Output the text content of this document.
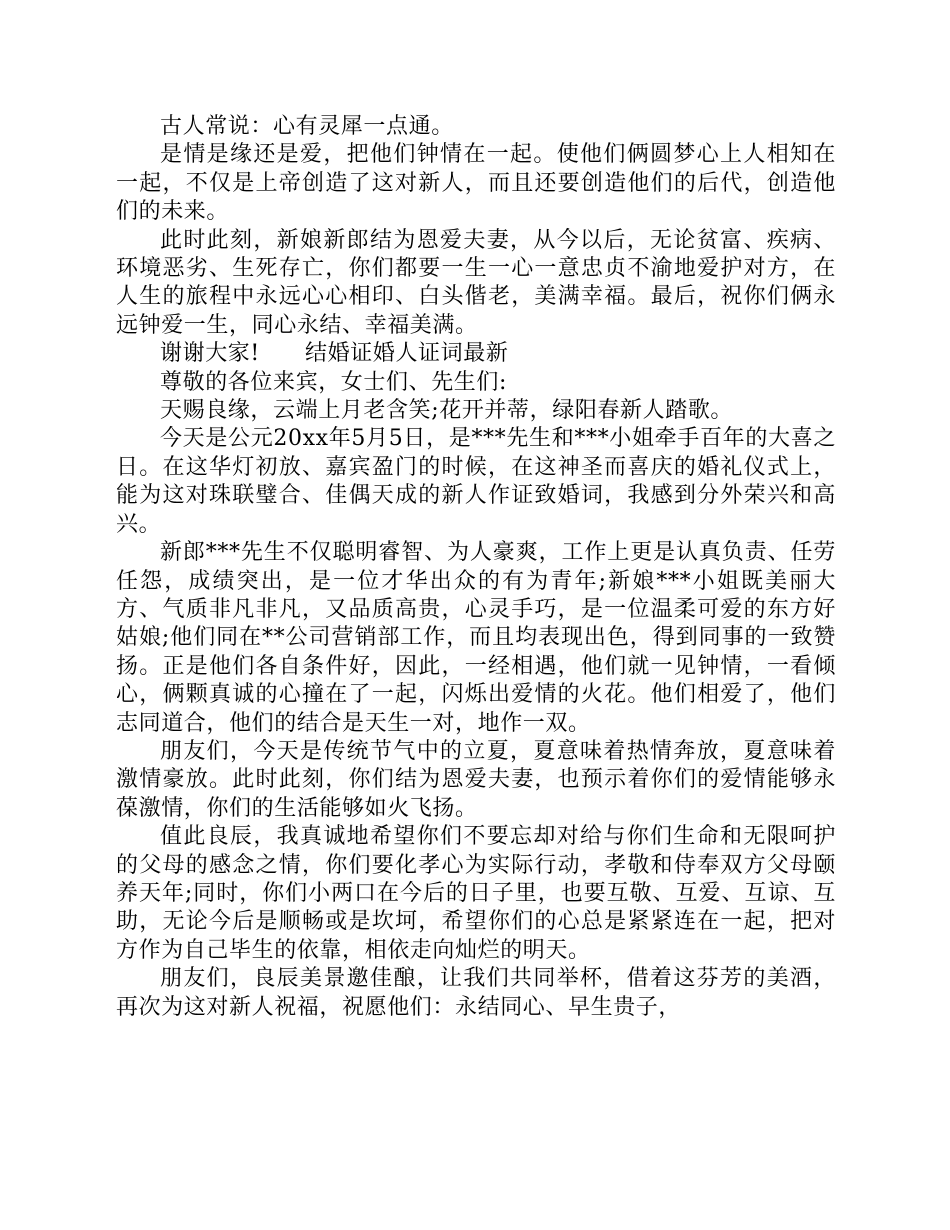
古人常说：心有灵犀一点通。

是情是缘还是爱，把他们钟情在一起。使他们俩圆梦心上人相知在一起，不仅是上帝创造了这对新人，而且还要创造他们的后代，创造他们的未来。

此时此刻，新娘新郎结为恩爱夫妻，从今以后，无论贫富、疾病、环境恶劣、生死存亡，你们都要一生一心一意忠贞不渝地爱护对方，在人生的旅程中永远心心相印、白头偕老，美满幸福。最后，祝你们俩永远钟爱一生，同心永结、幸福美满。

谢谢大家!　　结婚证婚人证词最新

尊敬的各位来宾，女士们、先生们:

天赐良缘，云端上月老含笑;花开并蒂，绿阳春新人踏歌。

今天是公元20xx年5月5日，是***先生和***小姐牵手百年的大喜之日。在这华灯初放、嘉宾盈门的时候，在这神圣而喜庆的婚礼仪式上，能为这对珠联璧合、佳偶天成的新人作证致婚词，我感到分外荣兴和高兴。

新郎***先生不仅聪明睿智、为人豪爽，工作上更是认真负责、任劳任怨，成绩突出，是一位才华出众的有为青年;新娘***小姐既美丽大方、气质非凡非凡，又品质高贵，心灵手巧，是一位温柔可爱的东方好姑娘;他们同在**公司营销部工作，而且均表现出色，得到同事的一致赞扬。正是他们各自条件好，因此，一经相遇，他们就一见钟情，一看倾心，俩颗真诚的心撞在了一起，闪烁出爱情的火花。他们相爱了，他们志同道合，他们的结合是天生一对，地作一双。

朋友们，今天是传统节气中的立夏，夏意味着热情奔放，夏意味着激情豪放。此时此刻，你们结为恩爱夫妻，也预示着你们的爱情能够永葆激情，你们的生活能够如火飞扬。

值此良辰，我真诚地希望你们不要忘却对给与你们生命和无限呵护的父母的感念之情，你们要化孝心为实际行动，孝敬和侍奉双方父母颐养天年;同时，你们小两口在今后的日子里，也要互敬、互爱、互谅、互助，无论今后是顺畅或是坎坷，希望你们的心总是紧紧连在一起，把对方作为自己毕生的依靠，相依走向灿烂的明天。

朋友们，良辰美景邀佳酿，让我们共同举杯，借着这芬芳的美酒，再次为这对新人祝福，祝愿他们：永结同心、早生贵子，
